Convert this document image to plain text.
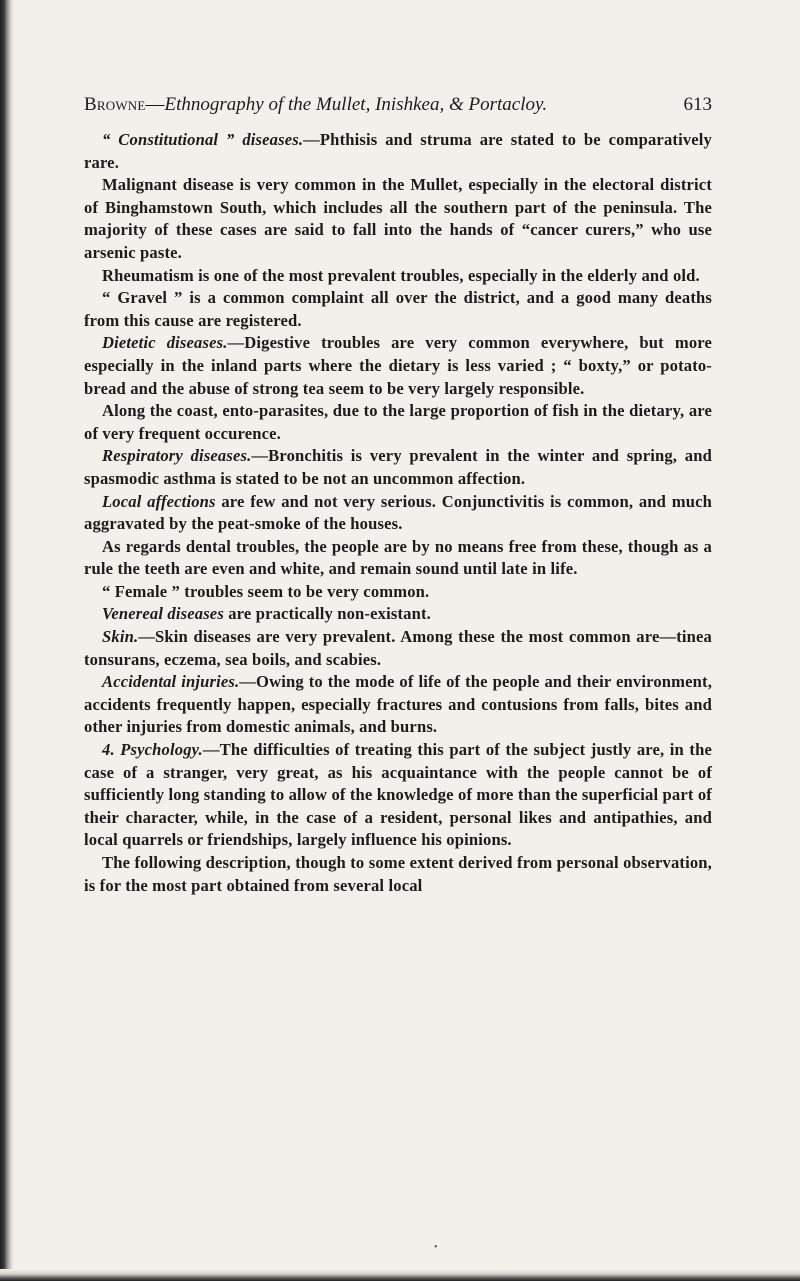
Browne—Ethnography of the Mullet, Inishkea, & Portacloy.	613

“ Constitutional ” diseases.—Phthisis and struma are stated to be comparatively rare.

Malignant disease is very common in the Mullet, especially in the electoral district of Binghamstown South, which includes all the southern part of the peninsula. The majority of these cases are said to fall into the hands of “cancer curers,” who use arsenic paste.

Rheumatism is one of the most prevalent troubles, especially in the elderly and old.

“ Gravel ” is a common complaint all over the district, and a good many deaths from this cause are registered.

Dietetic diseases.—Digestive troubles are very common everywhere, but more especially in the inland parts where the dietary is less varied ; “ boxty,” or potato-bread and the abuse of strong tea seem to be very largely responsible.

Along the coast, ento-parasites, due to the large proportion of fish in the dietary, are of very frequent occurence.

Respiratory diseases.—Bronchitis is very prevalent in the winter and spring, and spasmodic asthma is stated to be not an uncommon affection.

Local affections are few and not very serious. Conjunctivitis is common, and much aggravated by the peat-smoke of the houses.

As regards dental troubles, the people are by no means free from these, though as a rule the teeth are even and white, and remain sound until late in life.

“ Female ” troubles seem to be very common.

Venereal diseases are practically non-existant.

Skin.—Skin diseases are very prevalent. Among these the most common are—tinea tonsurans, eczema, sea boils, and scabies.

Accidental injuries.—Owing to the mode of life of the people and their environment, accidents frequently happen, especially fractures and contusions from falls, bites and other injuries from domestic animals, and burns.

4. Psychology.—The difficulties of treating this part of the subject justly are, in the case of a stranger, very great, as his acquaintance with the people cannot be of sufficiently long standing to allow of the knowledge of more than the superficial part of their character, while, in the case of a resident, personal likes and antipathies, and local quarrels or friendships, largely influence his opinions.

The following description, though to some extent derived from personal observation, is for the most part obtained from several local

•
